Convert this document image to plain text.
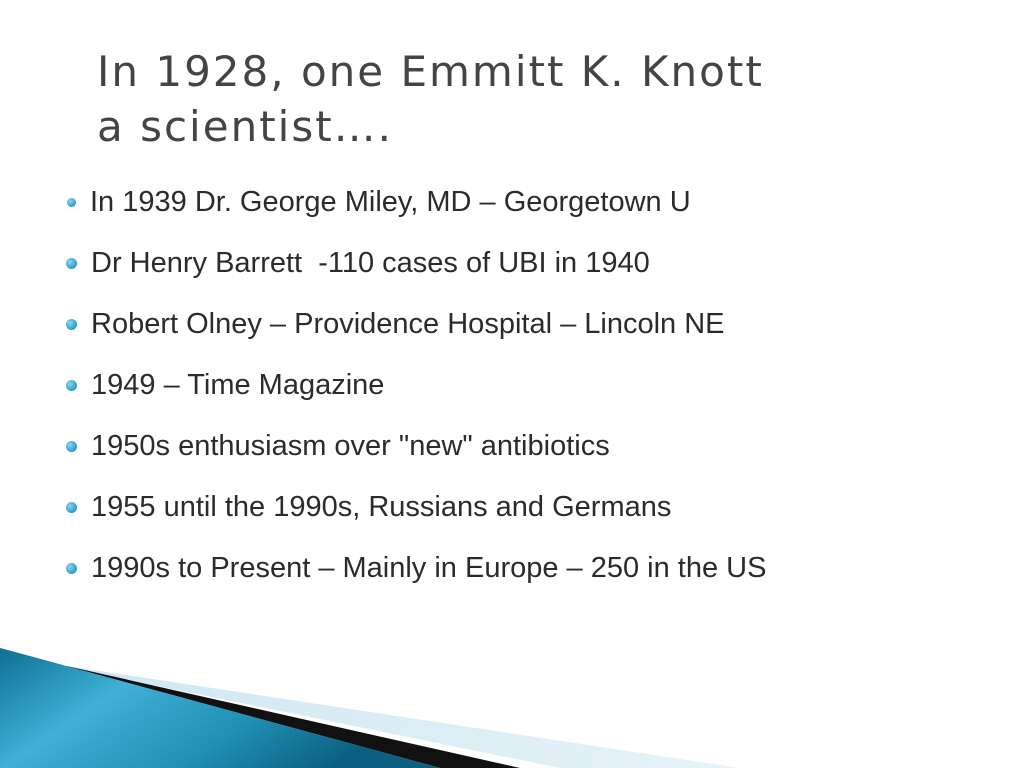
In 1928, one Emmitt K. Knott
a scientist….
In 1939 Dr. George Miley, MD – Georgetown U
Dr Henry Barrett  -110 cases of UBI in 1940
Robert Olney – Providence Hospital – Lincoln NE
1949 – Time Magazine
1950s enthusiasm over "new" antibiotics
1955 until the 1990s, Russians and Germans
1990s to Present – Mainly in Europe – 250 in the US
